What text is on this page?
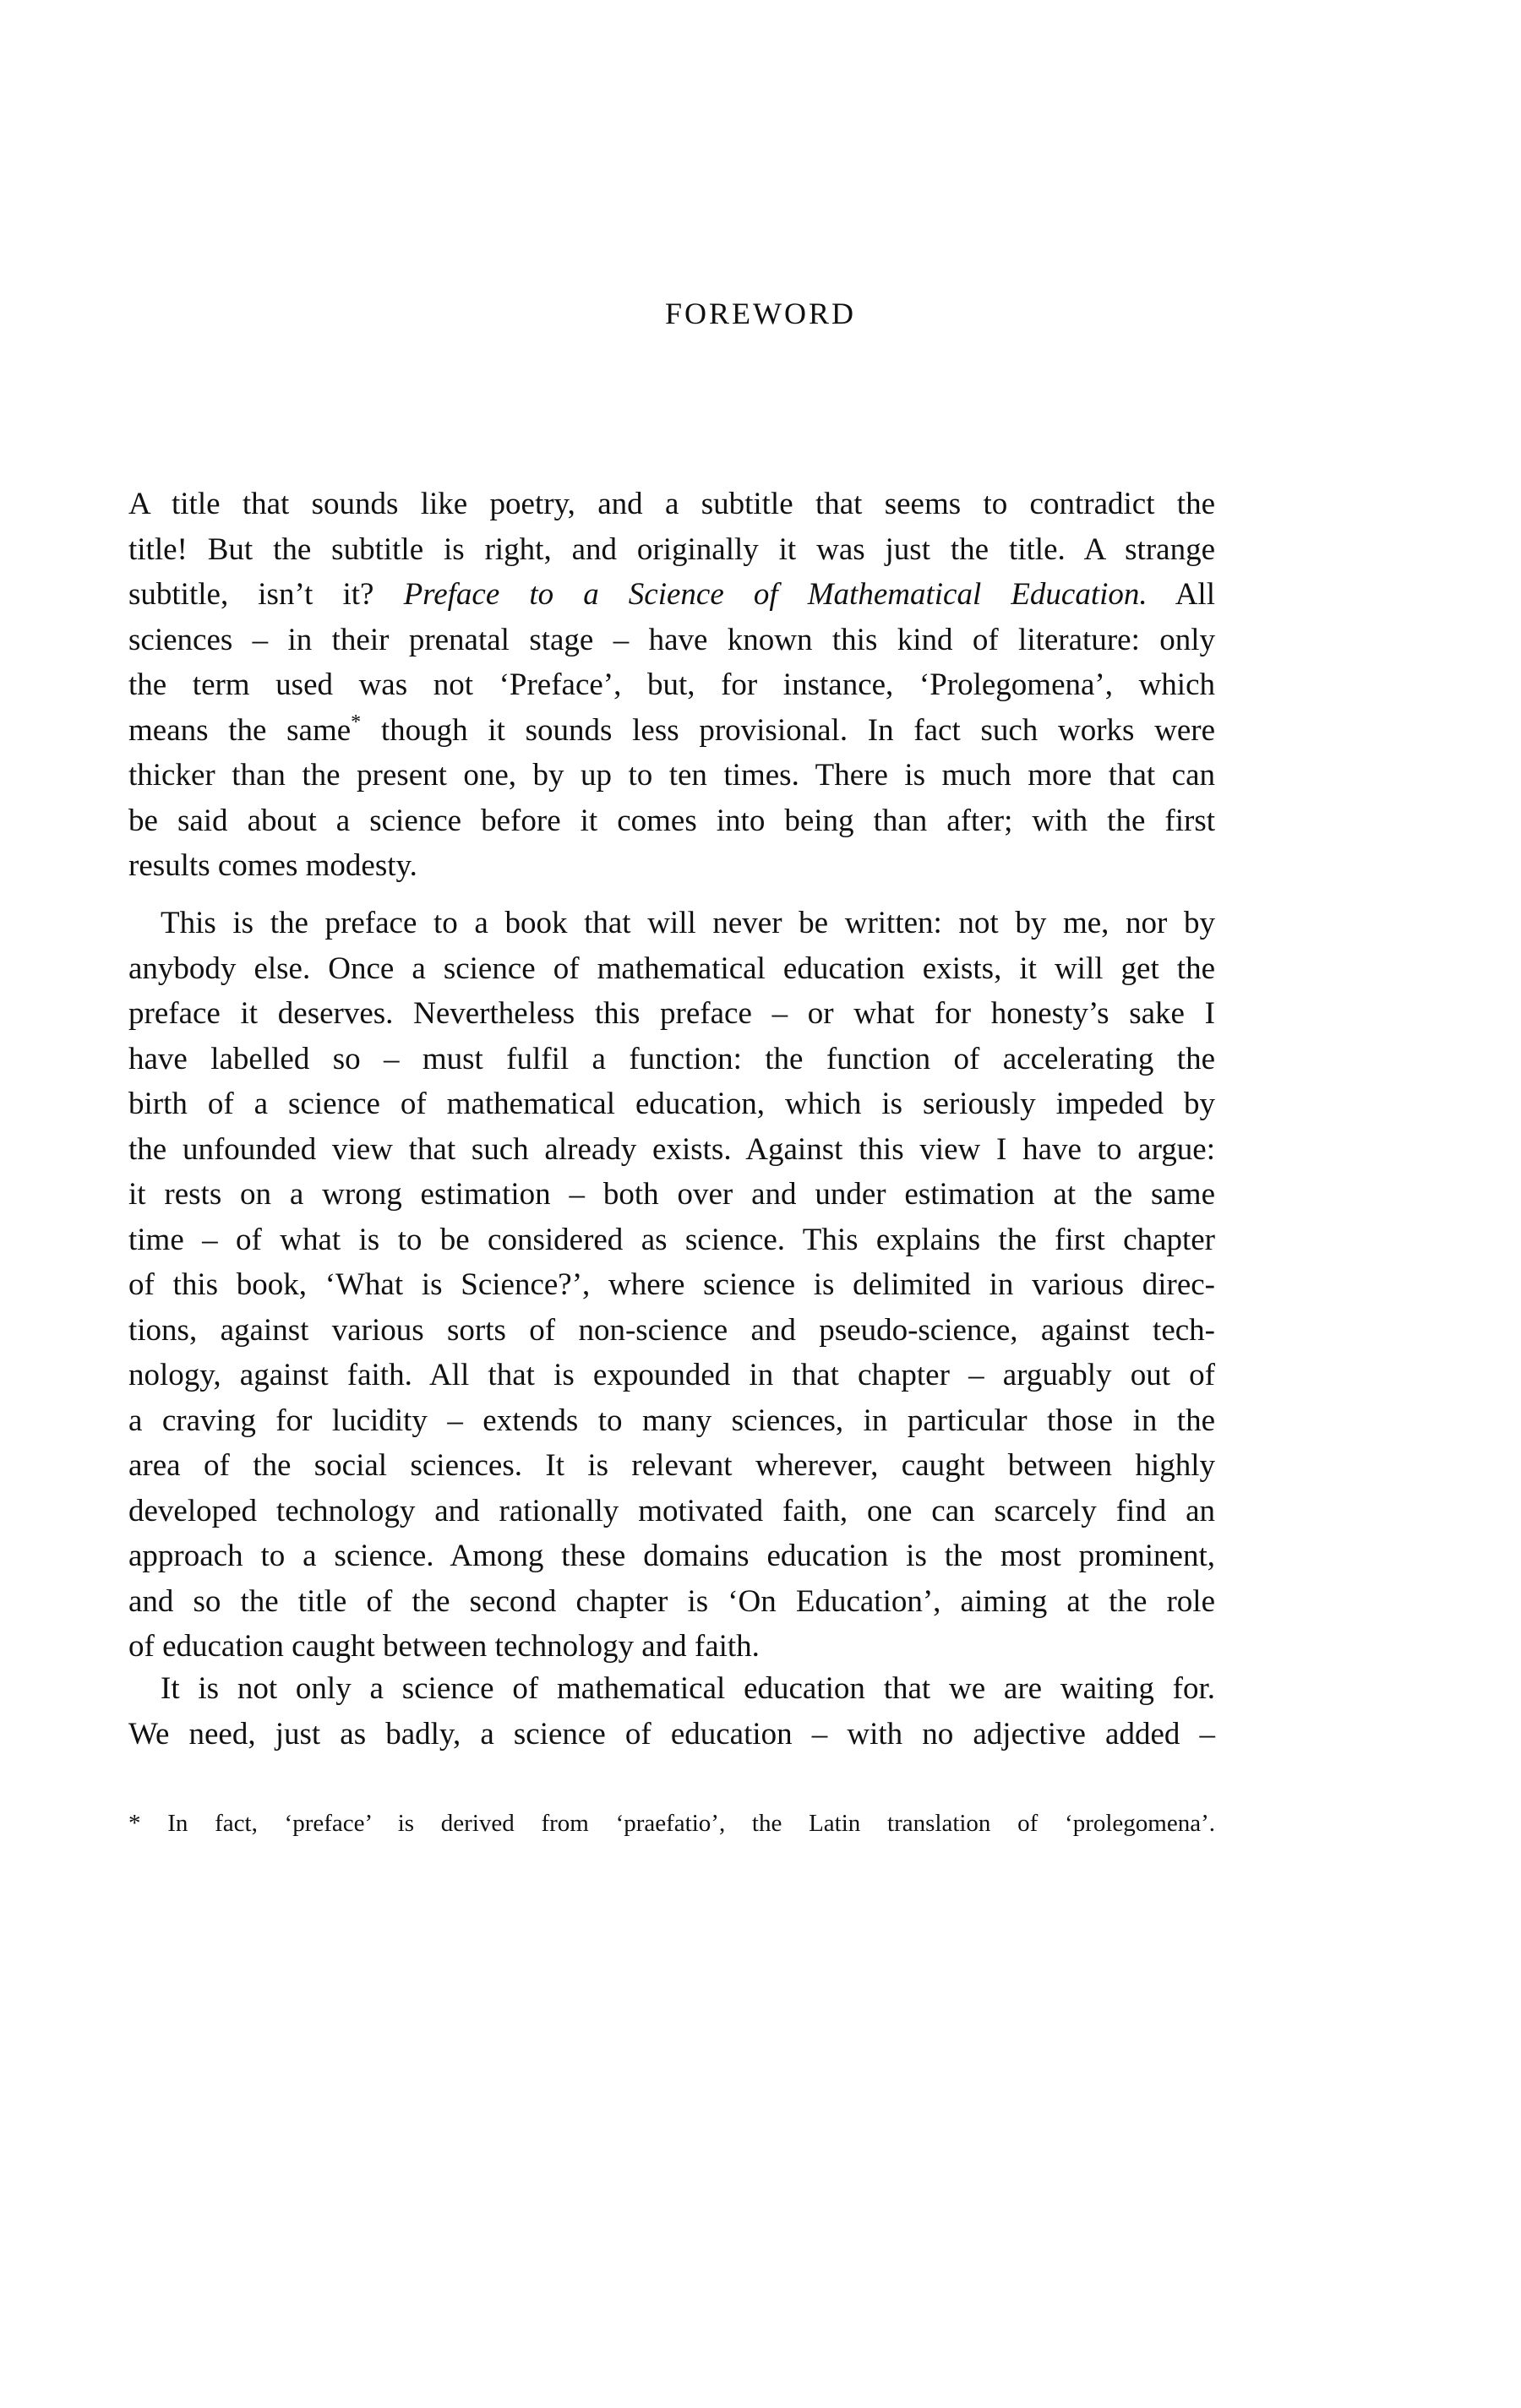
FOREWORD
A title that sounds like poetry, and a subtitle that seems to contradict the
title! But the subtitle is right, and originally it was just the title. A strange
subtitle, isn’t it? Preface to a Science of Mathematical Education. All
sciences – in their prenatal stage – have known this kind of literature: only
the term used was not ‘Preface’, but, for instance, ‘Prolegomena’, which
means the same* though it sounds less provisional. In fact such works were
thicker than the present one, by up to ten times. There is much more that can
be said about a science before it comes into being than after; with the first
results comes modesty.
This is the preface to a book that will never be written: not by me, nor by
anybody else. Once a science of mathematical education exists, it will get the
preface it deserves. Nevertheless this preface – or what for honesty’s sake I
have labelled so – must fulfil a function: the function of accelerating the
birth of a science of mathematical education, which is seriously impeded by
the unfounded view that such already exists. Against this view I have to argue:
it rests on a wrong estimation – both over and under estimation at the same
time – of what is to be considered as science. This explains the first chapter
of this book, ‘What is Science?’, where science is delimited in various direc-
tions, against various sorts of non-science and pseudo-science, against tech-
nology, against faith. All that is expounded in that chapter – arguably out of
a craving for lucidity – extends to many sciences, in particular those in the
area of the social sciences. It is relevant wherever, caught between highly
developed technology and rationally motivated faith, one can scarcely find an
approach to a science. Among these domains education is the most prominent,
and so the title of the second chapter is ‘On Education’, aiming at the role
of education caught between technology and faith.
It is not only a science of mathematical education that we are waiting for.
We need, just as badly, a science of education – with no adjective added –
* In fact, ‘preface’ is derived from ‘praefatio’, the Latin translation of ‘prolegomena’.
